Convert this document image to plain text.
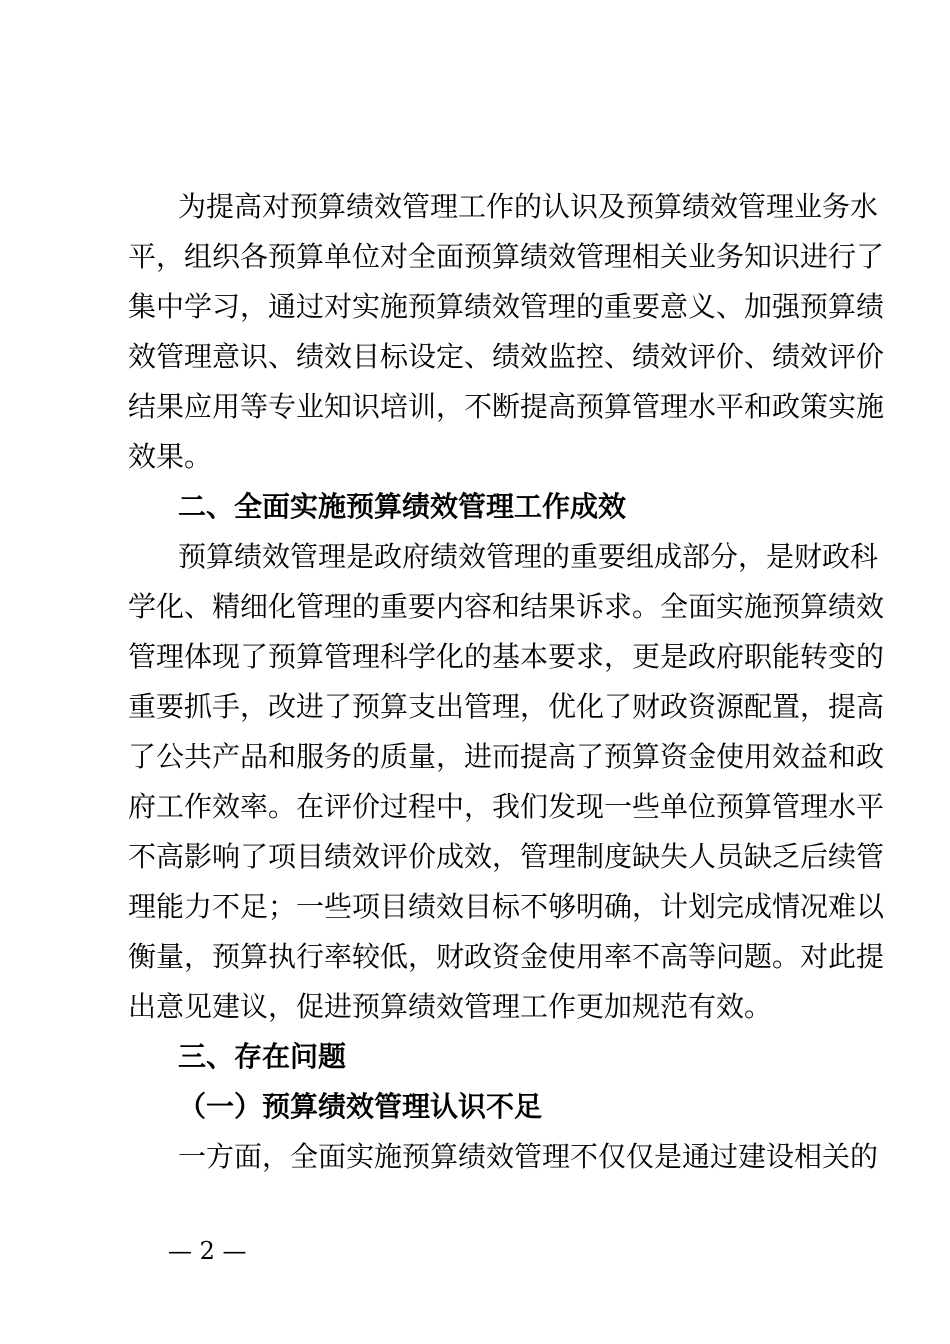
为提高对预算绩效管理工作的认识及预算绩效管理业务水
平，组织各预算单位对全面预算绩效管理相关业务知识进行了
集中学习，通过对实施预算绩效管理的重要意义、加强预算绩
效管理意识、绩效目标设定、绩效监控、绩效评价、绩效评价
结果应用等专业知识培训，不断提高预算管理水平和政策实施
效果。
二、全面实施预算绩效管理工作成效
预算绩效管理是政府绩效管理的重要组成部分，是财政科
学化、精细化管理的重要内容和结果诉求。全面实施预算绩效
管理体现了预算管理科学化的基本要求，更是政府职能转变的
重要抓手，改进了预算支出管理，优化了财政资源配置，提高
了公共产品和服务的质量，进而提高了预算资金使用效益和政
府工作效率。在评价过程中，我们发现一些单位预算管理水平
不高影响了项目绩效评价成效，管理制度缺失人员缺乏后续管
理能力不足；一些项目绩效目标不够明确，计划完成情况难以
衡量，预算执行率较低，财政资金使用率不高等问题。对此提
出意见建议，促进预算绩效管理工作更加规范有效。
三、存在问题
（一）预算绩效管理认识不足
一方面，全面实施预算绩效管理不仅仅是通过建设相关的
— 2 —
